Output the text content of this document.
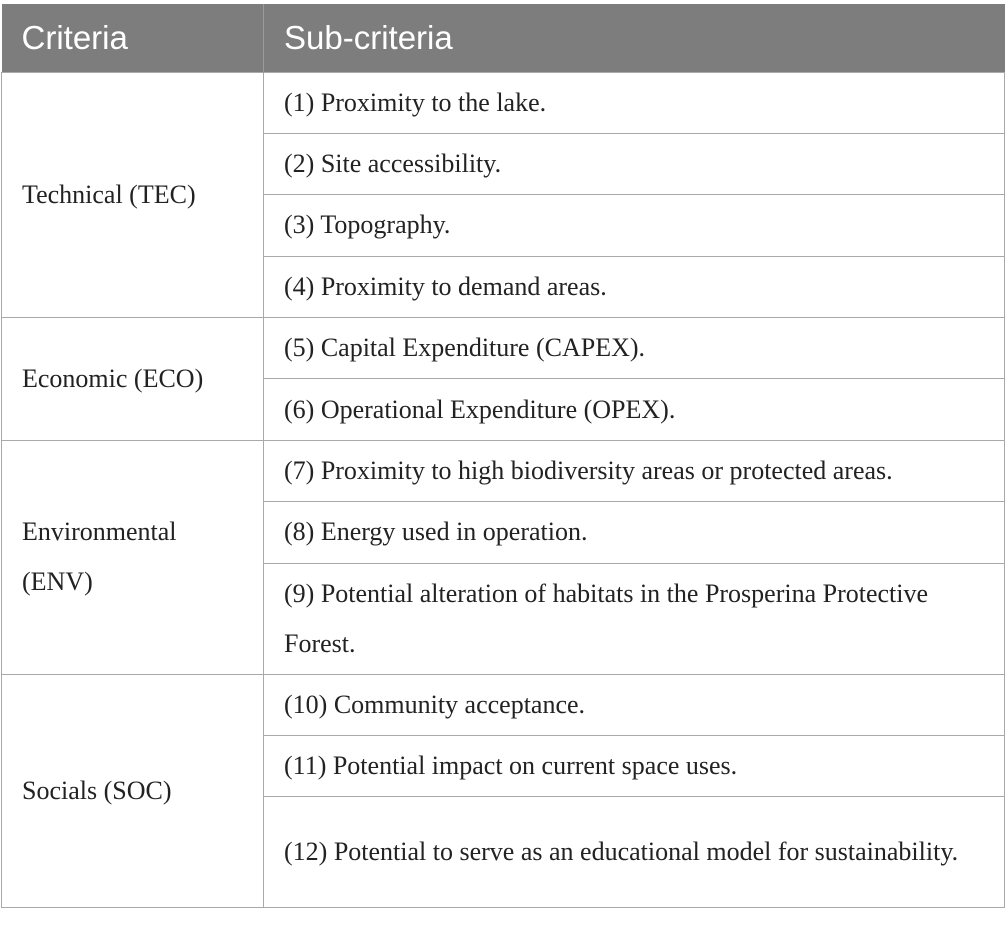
Criteria	Sub-criteria
Technical (TEC)	(1) Proximity to the lake.
	(2) Site accessibility.
	(3) Topography.
	(4) Proximity to demand areas.
Economic (ECO)	(5) Capital Expenditure (CAPEX).
	(6) Operational Expenditure (OPEX).
Environmental (ENV)	(7) Proximity to high biodiversity areas or protected areas.
	(8) Energy used in operation.
	(9) Potential alteration of habitats in the Prosperina Protective Forest.
Socials (SOC)	(10) Community acceptance.
	(11) Potential impact on current space uses.
	(12) Potential to serve as an educational model for sustainability.
